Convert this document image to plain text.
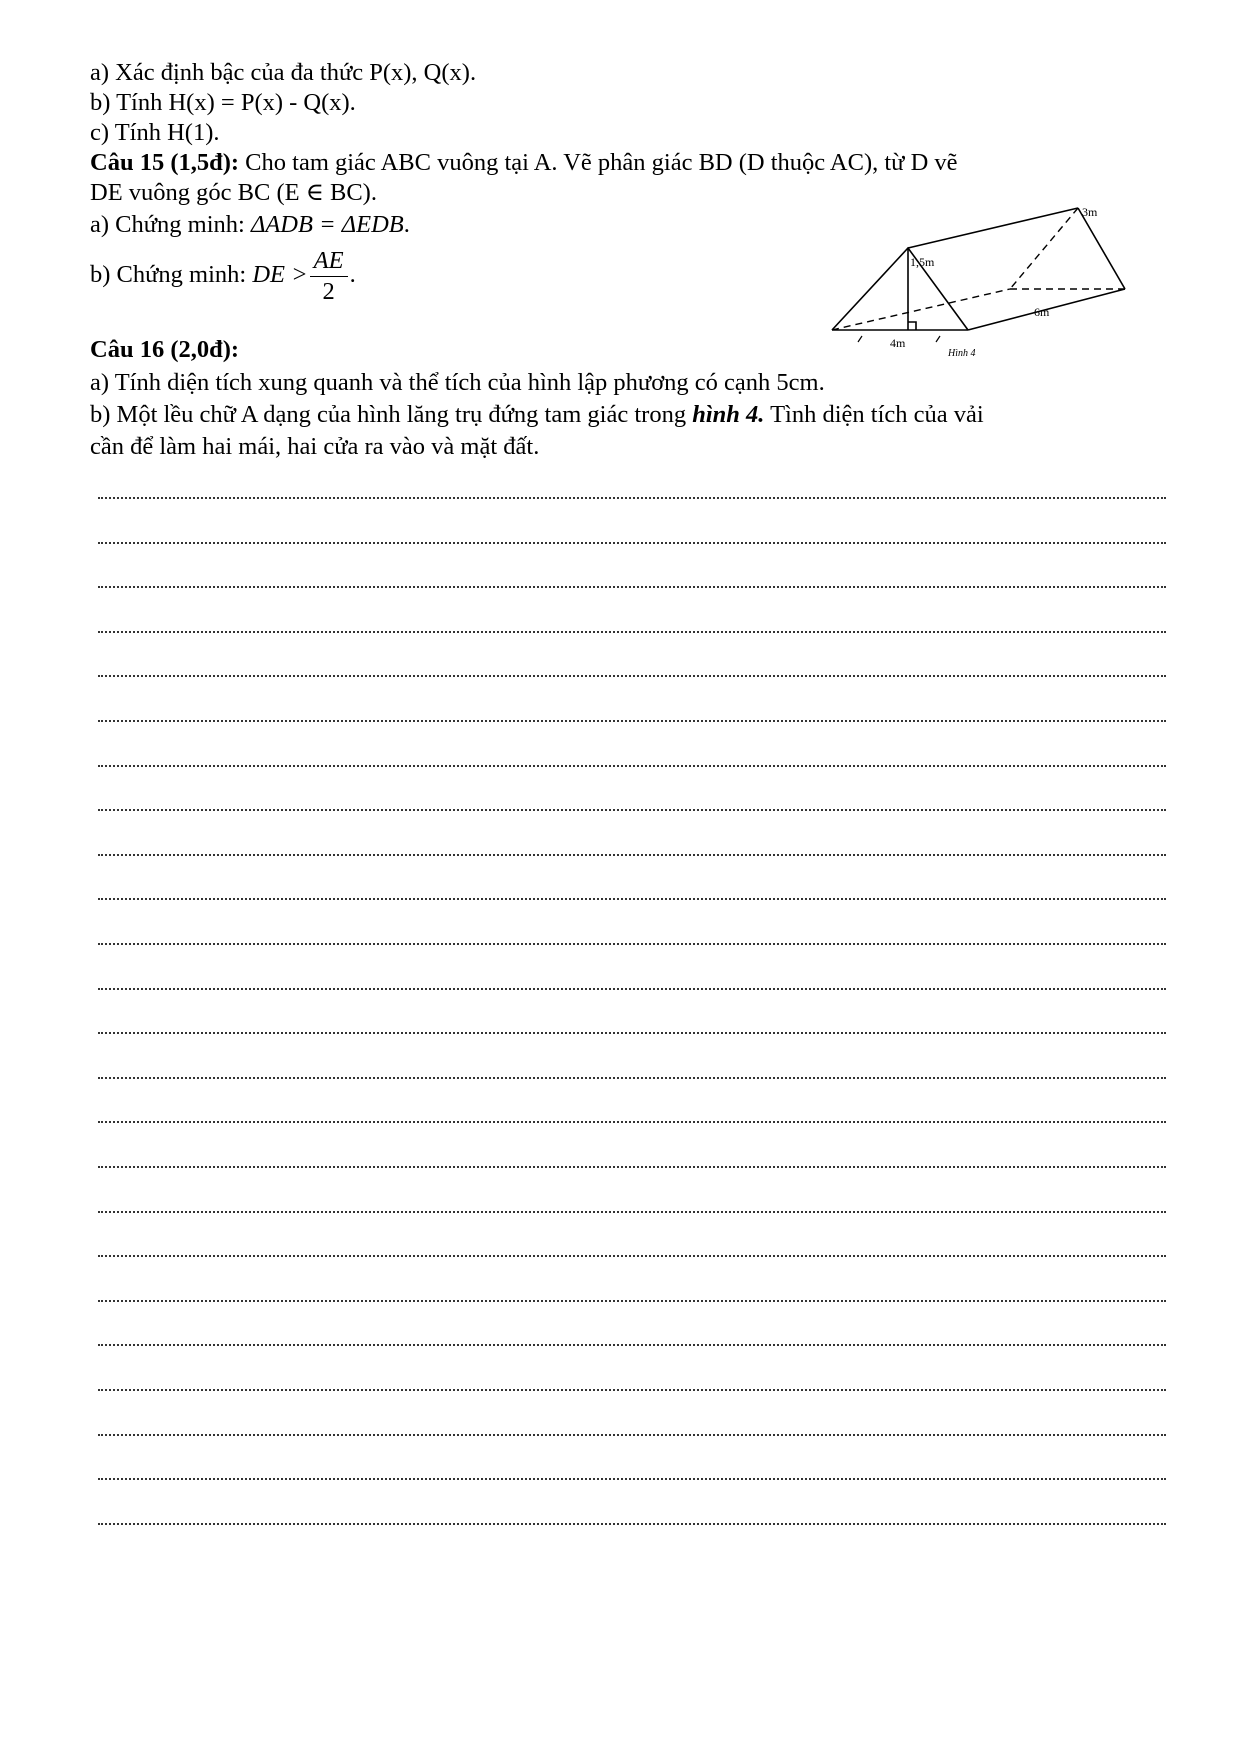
a) Xác định bậc của đa thức P(x), Q(x).
b) Tính H(x) = P(x) - Q(x).
c) Tính H(1).
Câu 15 (1,5đ): Cho tam giác ABC vuông tại A. Vẽ phân giác BD (D thuộc AC), từ D vẽ
DE vuông góc BC (E ∈ BC).
a) Chứng minh: ΔADB = ΔEDB.
b) Chứng minh: DE > $\frac{AE}{2}$ .
Câu 16 (2,0đ):
a) Tính diện tích xung quanh và thể tích của hình lập phương có cạnh 5cm.
b) Một lều chữ A dạng của hình lăng trụ đứng tam giác trong hình 4. Tình diện tích của vải
cần để làm hai mái, hai cửa ra vào và mặt đất.
3m
1,5m
6m
4m
Hình 4
